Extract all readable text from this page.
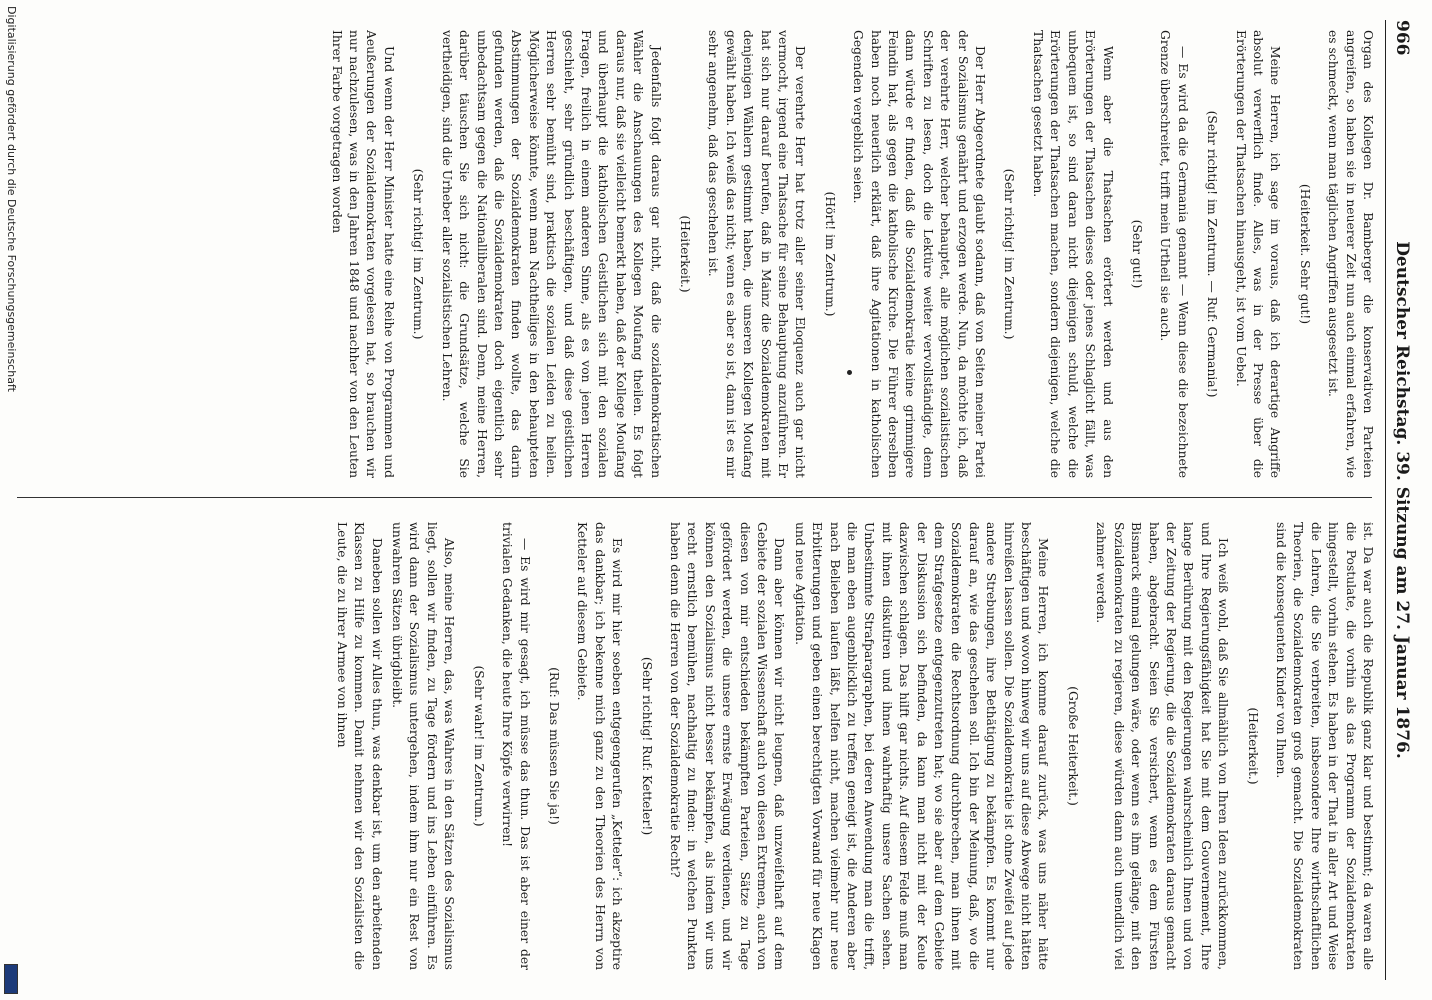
966
Deutscher Reichstag. 39. Sitzung am 27. Januar 1876.

Organ des Kollegen Dr. Bamberger die konservativen Parteien angreifen, so haben sie in neuerer Zeit nun auch einmal erfahren, wie es schmeckt, wenn man täglichen Angriffen ausgesetzt ist.

(Heiterkeit. Sehr gut!)

Meine Herren, ich sage im voraus, daß ich derartige Angriffe absolut verwerflich finde. Alles, was in der Presse über die Erörterungen der Thatsachen hinausgeht, ist vom Uebel.

(Sehr richtig! im Zentrum. — Ruf: Germania!)

— Es wird da die Germania genannt — Wenn diese die bezeichnete Grenze überschreitet, trifft mein Urtheil sie auch.

(Sehr gut!)

Wenn aber die Thatsachen erörtert werden und aus den Erörterungen der Thatsachen dieses oder jenes Schlaglicht fällt, was unbequem ist, so sind daran nicht diejenigen schuld, welche die Erörterungen der Thatsachen machen, sondern diejenigen, welche die Thatsachen gesetzt haben.

(Sehr richtig! im Zentrum.)

Der Herr Abgeordnete glaubt sodann, daß von Seiten meiner Partei der Sozialismus genährt und erzogen werde. Nun, da möchte ich, daß der verehrte Herr, welcher behauptet, alle möglichen sozialistischen Schriften zu lesen, doch die Lektüre weiter vervollständigte, denn dann würde er finden, daß die Sozialdemokratie keine grimmigere Feindin hat, als gegen die katholische Kirche. Die Führer derselben haben noch neuerlich erklärt, daß ihre Agitationen in katholischen Gegenden vergeblich seien.

(Hört! im Zentrum.)

Der verehrte Herr hat trotz aller seiner Eloquenz auch gar nicht vermocht, irgend eine Thatsache für seine Behauptung anzuführen. Er hat sich nur darauf berufen, daß in Mainz die Sozialdemokraten mit denjenigen Wählern gestimmt haben, die unseren Kollegen Moufang gewählt haben. Ich weiß das nicht; wenn es aber so ist, dann ist es mir sehr angenehm, daß das geschehen ist.

(Heiterkeit.)

Jedenfalls folgt daraus gar nicht, daß die sozialdemokratischen Wähler die Anschauungen des Kollegen Moufang theilen. Es folgt daraus nur, daß sie vielleicht bemerkt haben, daß der Kollege Moufang und überhaupt die katholischen Geistlichen sich mit den sozialen Fragen, freilich in einem anderen Sinne, als es von jenen Herren geschieht, sehr gründlich beschäftigen, und daß diese geistlichen Herren sehr bemüht sind, praktisch die sozialen Leiden zu heilen. Möglicherweise könnte, wenn man Nachtheiliges in den behaupteten Abstimmungen der Sozialdemokraten finden wollte, das darin gefunden werden, daß die Sozialdemokraten doch eigentlich sehr unbedachtsam gegen die Nationalliberalen sind. Denn, meine Herren, darüber täuschen Sie sich nicht: die Grundsätze, welche Sie vertheidigen, sind die Urheber aller sozialistischen Lehren.

(Sehr richtig! im Zentrum.)

Und wenn der Herr Minister hatte eine Reihe von Programmen und Aeußerungen der Sozialdemokraten vorgelesen hat, so brauchen wir nur nachzulesen, was in den Jahren 1848 und nachher von den Leuten Ihrer Farbe vorgetragen worden

ist. Da war auch die Republik ganz klar und bestimmt; da waren alle die Postulate, die vorhin als das Programm der Sozialdemokraten hingestellt, vorhin stehen. Es haben in der That in aller Art und Weise die Lehren, die Sie verbreiten, insbesondere Ihre wirthschaftlichen Theorien, die Sozialdemokraten groß gemacht. Die Sozialdemokraten sind die konsequenten Kinder von Ihnen.

(Heiterkeit.)

Ich weiß wohl, daß Sie allmählich von Ihren Ideen zurückkommen, und Ihre Regierungsfähigkeit hat Sie mit dem Gouvernement, Ihre lange Berührung mit den Regierungen wahrscheinlich Ihnen und von der Zeitung der Regierung, die die Sozialdemokraten daraus gemacht haben, abgebracht. Seien Sie versichert, wenn es dem Fürsten Bismarck einmal gelungen wäre, oder wenn es ihm gelänge, mit den Sozialdemokraten zu regieren, diese würden dann auch unendlich viel zahmer werden.

(Große Heiterkeit.)

Meine Herren, ich komme darauf zurück, was uns näher hätte beschäftigen und wovon hinweg wir uns auf diese Abwege nicht hätten hinreißen lassen sollen. Die Sozialdemokratie ist ohne Zweifel auf jede andere Strebungen, ihre Bethätigung zu bekämpfen. Es kommt nur darauf an, wie das geschehen soll. Ich bin der Meinung, daß, wo die Sozialdemokraten die Rechtsordnung durchbrechen, man ihnen mit dem Strafgesetze entgegenzutreten hat; wo sie aber auf dem Gebiete der Diskussion sich befinden, da kann man nicht mit der Keule dazwischen schlagen. Das hilft gar nichts. Auf diesem Felde muß man mit ihnen diskutiren und ihnen wahrhaftig unsere Sachen sehen. Unbestimmte Strafparagraphen, bei deren Anwendung man die trifft, die man eben augenblicklich zu treffen geneigt ist, die Anderen aber nach Belieben laufen läßt, helfen nicht, machen vielmehr nur neue Erbitterungen und geben einen berechtigten Vorwand für neue Klagen und neue Agitation.

Dann aber können wir nicht leugnen, daß unzweifelhaft auf dem Gebiete der sozialen Wissenschaft auch von diesen Extremen, auch von diesen von mir entschieden bekämpften Parteien, Sätze zu Tage gefördert werden, die unsere ernste Erwägung verdienen, und wir können den Sozialismus nicht besser bekämpfen, als indem wir uns recht ernstlich bemühen, nachhaltig zu finden: in welchen Punkten haben denn die Herren von der Sozialdemokratie Recht?

(Sehr richtig! Ruf: Ketteler!)

Es wird mir hier soeben entgegengerufen „Ketteler“: ich akzeptire das dankbar; ich bekenne mich ganz zu den Theorien des Herrn von Ketteler auf diesem Gebiete.

(Ruf: Das müssen Sie ja!)

— Es wird mir gesagt, ich müsse das thun. Das ist aber einer der trivialen Gedanken, die heute Ihre Köpfe verwirren!

(Sehr wahr! im Zentrum.)

Also, meine Herren, das, was Wahres in den Sätzen des Sozialismus liegt, sollen wir finden, zu Tage fördern und ins Leben einführen. Es wird dann der Sozialismus untergehen, indem ihm nur ein Rest von unwahren Sätzen übrigbleibt.

Daneben sollen wir Alles thun, was denkbar ist, um den arbeitenden Klassen zu Hilfe zu kommen. Damit nehmen wir den Sozialisten die Leute, die zu ihrer Armee von ihnen

Digitalisierung gefördert durch die Deutsche Forschungsgemeinschaft
